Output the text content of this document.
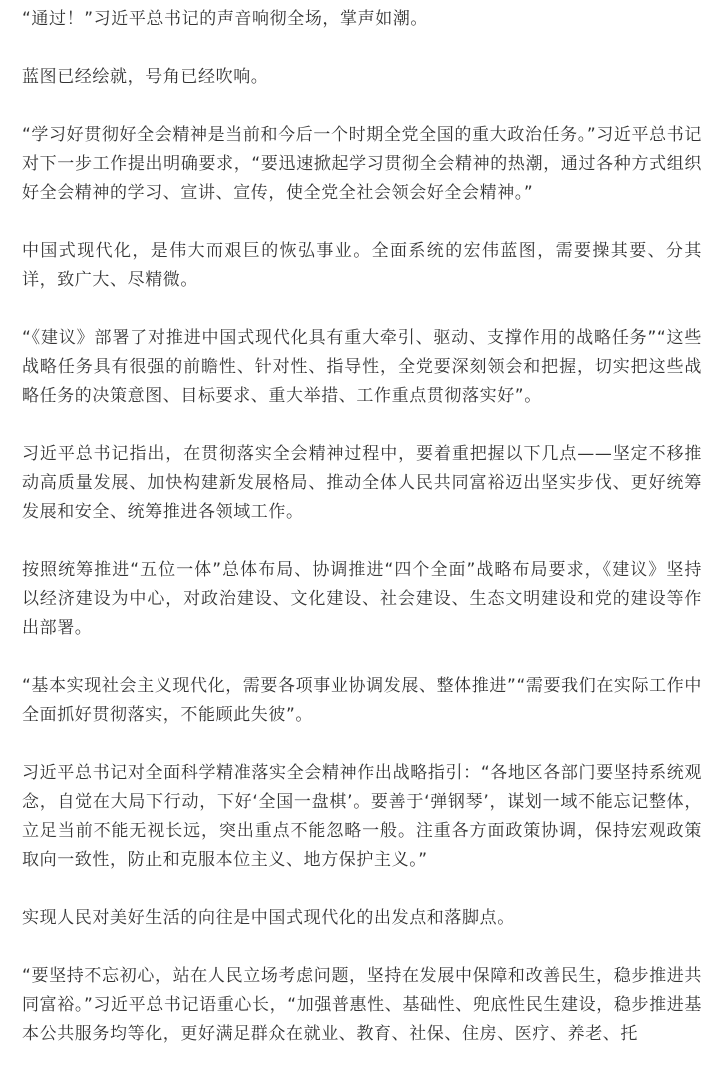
“通过！”习近平总书记的声音响彻全场，掌声如潮。

蓝图已经绘就，号角已经吹响。

“学习好贯彻好全会精神是当前和今后一个时期全党全国的重大政治任务。”习近平总书记对下一步工作提出明确要求，“要迅速掀起学习贯彻全会精神的热潮，通过各种方式组织好全会精神的学习、宣讲、宣传，使全党全社会领会好全会精神。”

中国式现代化，是伟大而艰巨的恢弘事业。全面系统的宏伟蓝图，需要操其要、分其详，致广大、尽精微。

“《建议》部署了对推进中国式现代化具有重大牵引、驱动、支撑作用的战略任务”“这些战略任务具有很强的前瞻性、针对性、指导性，全党要深刻领会和把握，切实把这些战略任务的决策意图、目标要求、重大举措、工作重点贯彻落实好”。

习近平总书记指出，在贯彻落实全会精神过程中，要着重把握以下几点——坚定不移推动高质量发展、加快构建新发展格局、推动全体人民共同富裕迈出坚实步伐、更好统筹发展和安全、统筹推进各领域工作。

按照统筹推进“五位一体”总体布局、协调推进“四个全面”战略布局要求，《建议》坚持以经济建设为中心，对政治建设、文化建设、社会建设、生态文明建设和党的建设等作出部署。

“基本实现社会主义现代化，需要各项事业协调发展、整体推进”“需要我们在实际工作中全面抓好贯彻落实，不能顾此失彼”。

习近平总书记对全面科学精准落实全会精神作出战略指引：“各地区各部门要坚持系统观念，自觉在大局下行动，下好‘全国一盘棋’。要善于‘弹钢琴’，谋划一域不能忘记整体，立足当前不能无视长远，突出重点不能忽略一般。注重各方面政策协调，保持宏观政策取向一致性，防止和克服本位主义、地方保护主义。”

实现人民对美好生活的向往是中国式现代化的出发点和落脚点。

“要坚持不忘初心，站在人民立场考虑问题，坚持在发展中保障和改善民生，稳步推进共同富裕。”习近平总书记语重心长，“加强普惠性、基础性、兜底性民生建设，稳步推进基本公共服务均等化，更好满足群众在就业、教育、社保、住房、医疗、养老、托
